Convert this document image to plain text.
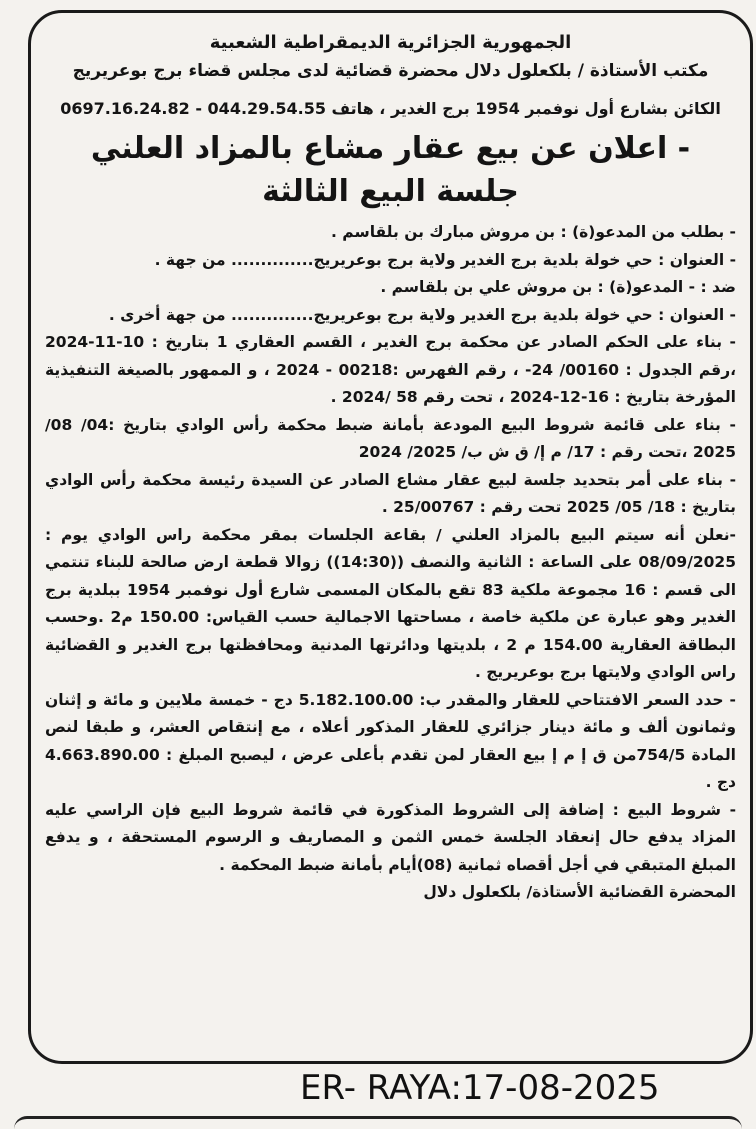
الجمهورية الجزائرية الديمقراطية الشعبية
مكتب الأستاذة / بلكعلول دلال محضرة قضائية لدى مجلس قضاء برج بوعريريج
الكائن بشارع أول نوفمبر 1954 برج الغدير ، هاتف 044.29.54.55 - 0697.16.24.82
- اعلان عن بيع عقار مشاع بالمزاد العلني
جلسة البيع الثالثة

- بطلب من المدعو(ة) : بن مروش مبارك بن بلقاسم .

- العنوان : حي خولة بلدية برج الغدير ولاية برج بوعريريج.............. من جهة .

ضد : - المدعو(ة) : بن مروش علي بن بلقاسم .

- العنوان : حي خولة بلدية برج الغدير ولاية برج بوعريريج.............. من جهة أخرى .

- بناء على الحكم الصادر عن محكمة برج الغدير ، القسم العقاري 1 بتاريخ : 10-11-2024 ،رقم الجدول : 00160/ 24- ، رقم الفهرس :00218 - 2024 ، و الممهور بالصيغة التنفيذية المؤرخة بتاريخ : 16-12-2024 ، تحت رقم 58 /2024 .

- بناء على قائمة شروط البيع المودعة بأمانة ضبط محكمة رأس الوادي بتاريخ :04/ 08/ 2025 ،تحت رقم : 17/ م إ/ ق ش ب/ 2025/ 2024

- بناء على أمر بتحديد جلسة لبيع عقار مشاع الصادر عن السيدة رئيسة محكمة رأس الوادي بتاريخ : 18/ 05/ 2025 تحت رقم : 25/00767 .

-نعلن أنه سيتم البيع بالمزاد العلني / بقاعة الجلسات بمقر محكمة راس الوادي يوم : 08/09/2025 على الساعة : الثانية والنصف ((14:30)) زوالا قطعة ارض صالحة للبناء تنتمي الى قسم : 16 مجموعة ملكية 83 تقع بالمكان المسمى شارع أول نوفمبر 1954 ببلدية برج الغدير وهو عبارة عن ملكية خاصة ، مساحتها الاجمالية حسب القياس: 150.00 م2 .وحسب البطاقة العقارية 154.00 م 2 ، بلديتها ودائرتها المدنية ومحافظتها برج الغدير و القضائية راس الوادي ولايتها برج بوعريريج .

- حدد السعر الافتتاحي للعقار والمقدر ب: 5.182.100.00 دج - خمسة ملايين و مائة و إثنان وثمانون ألف و مائة دينار جزائري للعقار المذكور أعلاه ، مع إنتقاص العشر، و طبقا لنص المادة 754/5من ق إ م إ بيع العقار لمن تقدم بأعلى عرض ، ليصبح المبلغ : 4.663.890.00 دج .

- شروط البيع : إضافة إلى الشروط المذكورة في قائمة شروط البيع فإن الراسي عليه المزاد يدفع حال إنعقاد الجلسة خمس الثمن و المصاريف و الرسوم المستحقة ، و يدفع المبلغ المتبقي في أجل أقصاه ثمانية (08)أيام بأمانة ضبط المحكمة .

المحضرة القضائية الأستاذة/ بلكعلول دلال

ER- RAYA:17-08-2025
